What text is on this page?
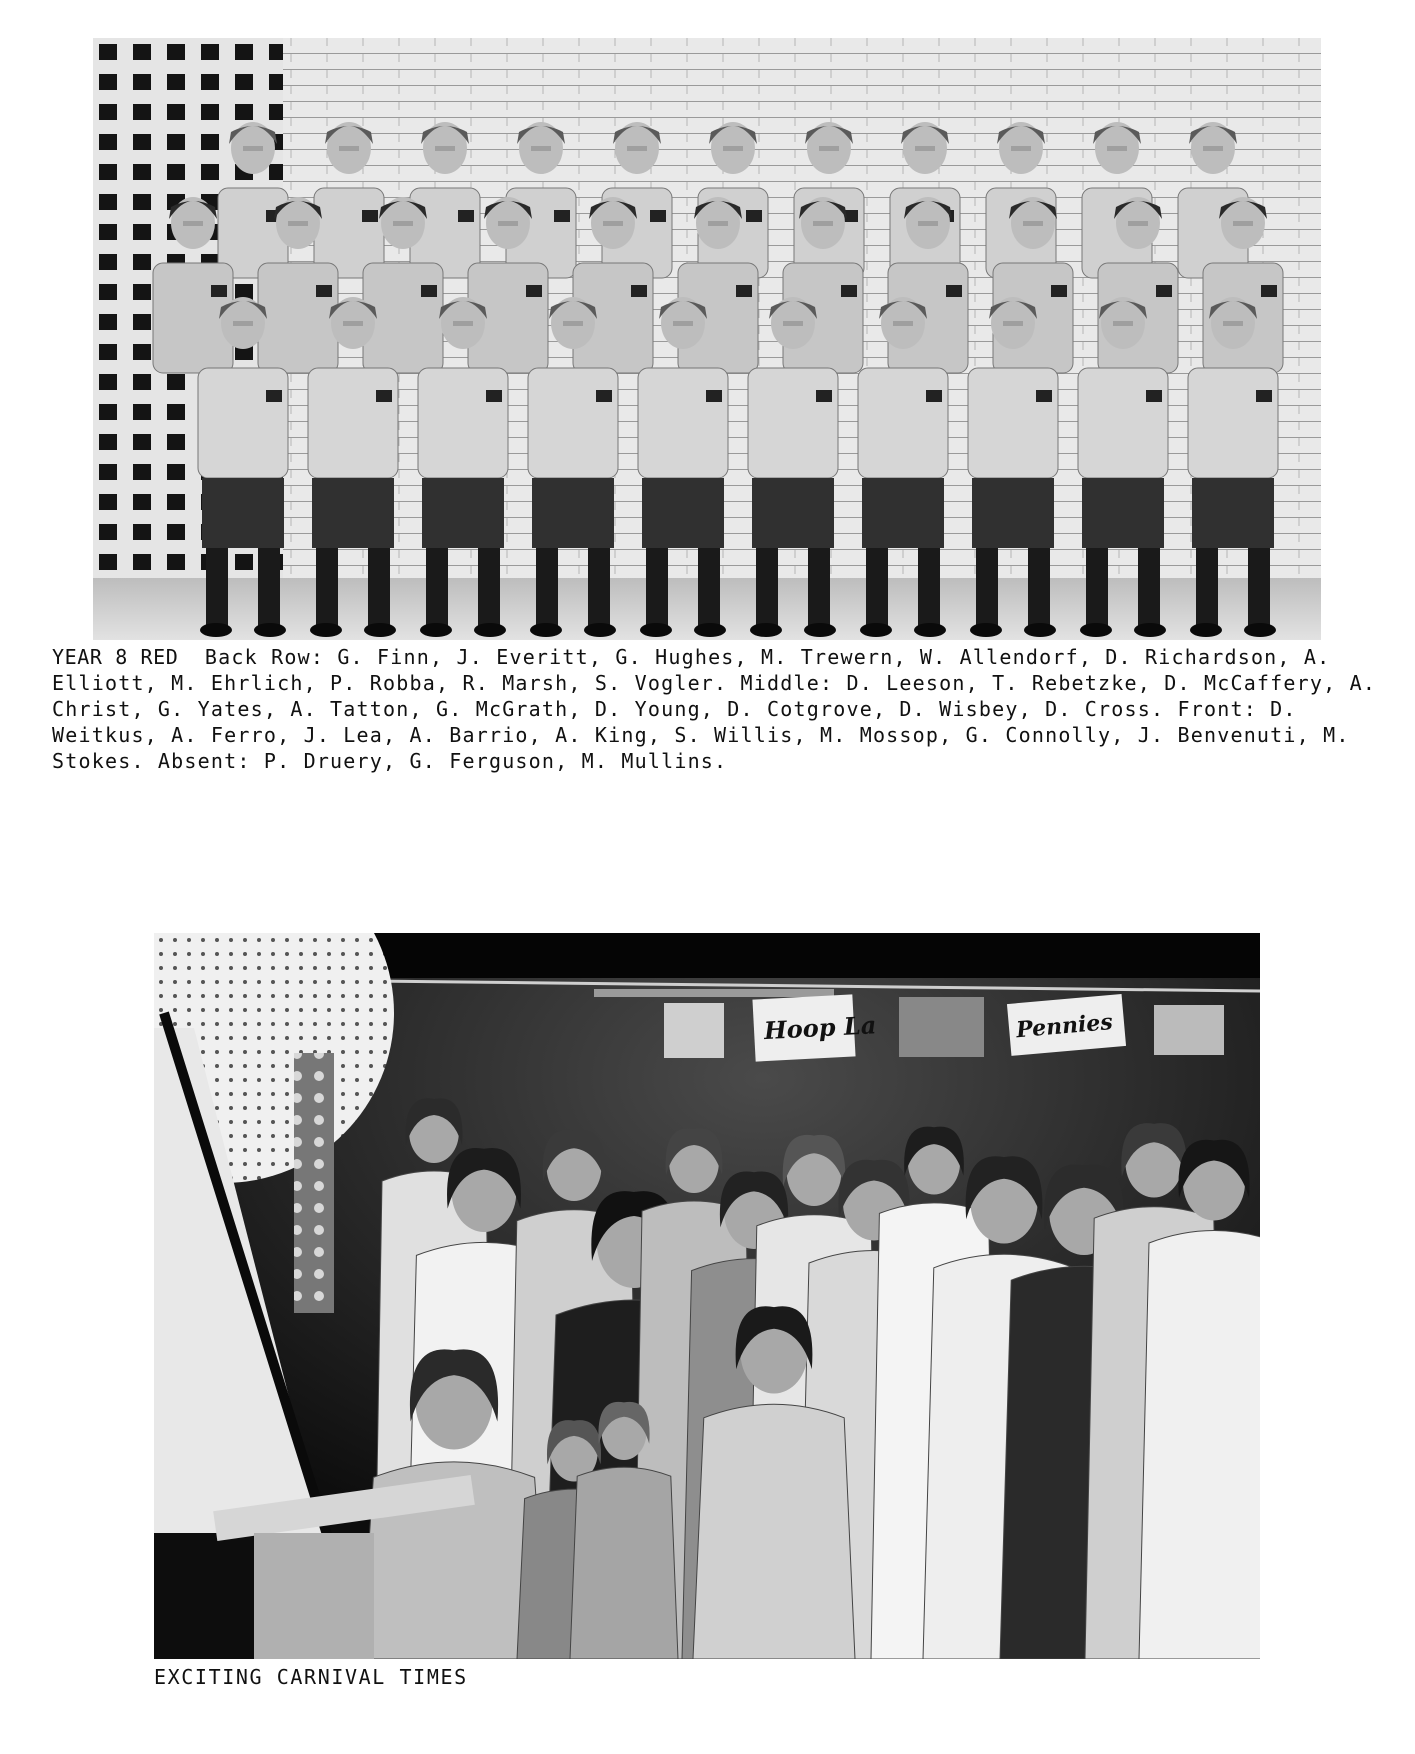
YEAR 8 RED Back Row: G. Finn, J. Everitt, G. Hughes, M. Trewern, W. Allendorf, D. Richardson, A. Elliott, M. Ehrlich, P. Robba, R. Marsh, S. Vogler. Middle: D. Leeson, T. Rebetzke, D. McCaffery, A. Christ, G. Yates, A. Tatton, G. McGrath, D. Young, D. Cotgrove, D. Wisbey, D. Cross. Front: D. Weitkus, A. Ferro, J. Lea, A. Barrio, A. King, S. Willis, M. Mossop, G. Connolly, J. Benvenuti, M. Stokes. Absent: P. Druery, G. Ferguson, M. Mullins.

Hoop La	Pennies

EXCITING CARNIVAL TIMES
